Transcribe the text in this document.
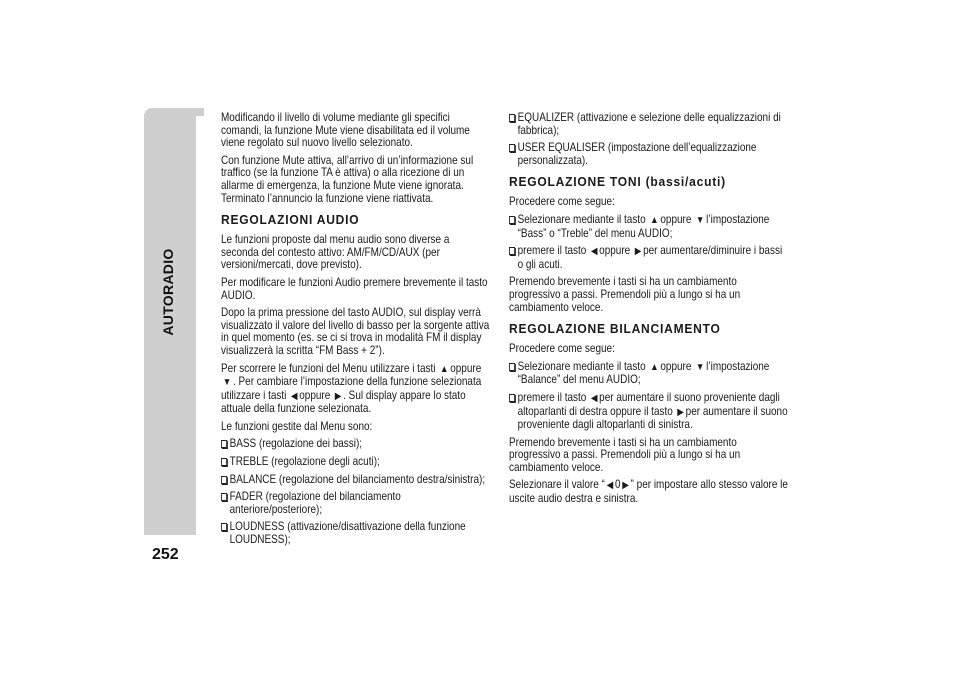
AUTORADIO
252

Modificando il livello di volume mediante gli specifici comandi, la funzione Mute viene disabilitata ed il volume viene regolato sul nuovo livello selezionato.

Con funzione Mute attiva, all’arrivo di un’informazione sul traffico (se la funzione TA è attiva) o alla ricezione di un allarme di emergenza, la funzione Mute viene ignorata. Terminato l’annuncio la funzione viene riattivata.

REGOLAZIONI AUDIO

Le funzioni proposte dal menu audio sono diverse a seconda del contesto attivo: AM/FM/CD/AUX (per versioni/mercati, dove previsto).

Per modificare le funzioni Audio premere brevemente il tasto AUDIO.

Dopo la prima pressione del tasto AUDIO, sul display verrà visualizzato il valore del livello di basso per la sorgente attiva in quel momento (es. se ci si trova in modalità FM il display visualizzerà la scritta “FM Bass + 2”).

Per scorrere le funzioni del Menu utilizzare i tasti ▲ oppure ▼ . Per cambiare l’impostazione della funzione selezionata utilizzare i tasti ◀ oppure ▶ . Sul display appare lo stato attuale della funzione selezionata.

Le funzioni gestite dal Menu sono:

BASS (regolazione dei bassi);
TREBLE (regolazione degli acuti);
BALANCE (regolazione del bilanciamento destra/sinistra);
FADER (regolazione del bilanciamento anteriore/posteriore);
LOUDNESS (attivazione/disattivazione della funzione LOUDNESS);
EQUALIZER (attivazione e selezione delle equalizzazioni di fabbrica);
USER EQUALISER (impostazione dell’equalizzazione personalizzata).
REGOLAZIONE TONI (bassi/acuti)

Procedere come segue:

Selezionare mediante il tasto ▲ oppure ▼ l’impostazione “Bass” o “Treble” del menu AUDIO;
premere il tasto ◀ oppure ▶ per aumentare/diminuire i bassi o gli acuti.

Premendo brevemente i tasti si ha un cambiamento progressivo a passi. Premendoli più a lungo si ha un cambiamento veloce.

REGOLAZIONE BILANCIAMENTO

Procedere come segue:

Selezionare mediante il tasto ▲ oppure ▼ l’impostazione “Balance” del menu AUDIO;
premere il tasto ◀ per aumentare il suono proveniente dagli altoparlanti di destra oppure il tasto ▶ per aumentare il suono proveniente dagli altoparlanti di sinistra.

Premendo brevemente i tasti si ha un cambiamento progressivo a passi. Premendoli più a lungo si ha un cambiamento veloce.

Selezionare il valore “ ◀ 0 ▶ ” per impostare allo stesso valore le uscite audio destra e sinistra.
